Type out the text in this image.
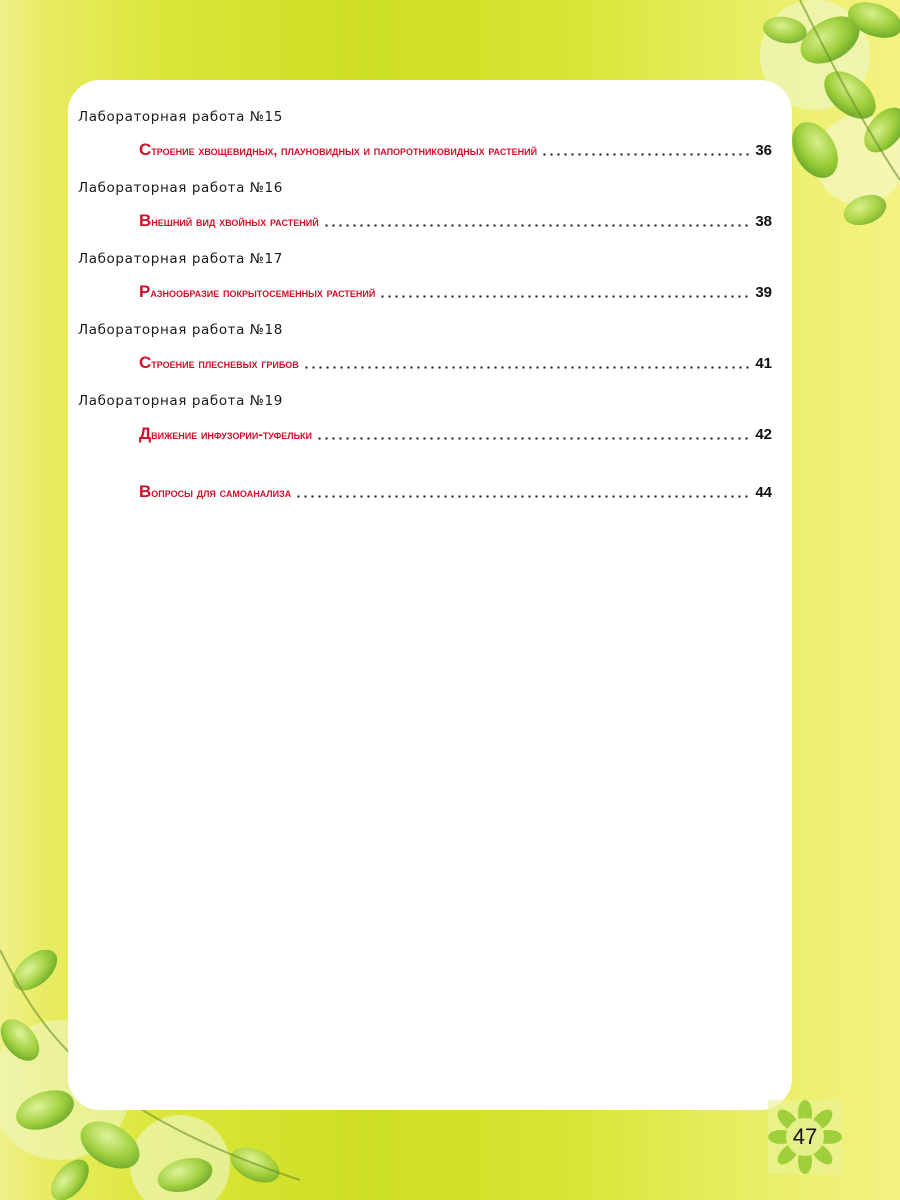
Лабораторная работа №15
Строение хвощевидных, плауновидных и папоротниковидных растений	36
Лабораторная работа №16
Внешний вид хвойных растений	38
Лабораторная работа №17
Разнообразие покрытосеменных растений	39
Лабораторная работа №18
Строение плесневых грибов	41
Лабораторная работа №19
Движение инфузории-туфельки	42
Вопросы для самоанализа	44
47
